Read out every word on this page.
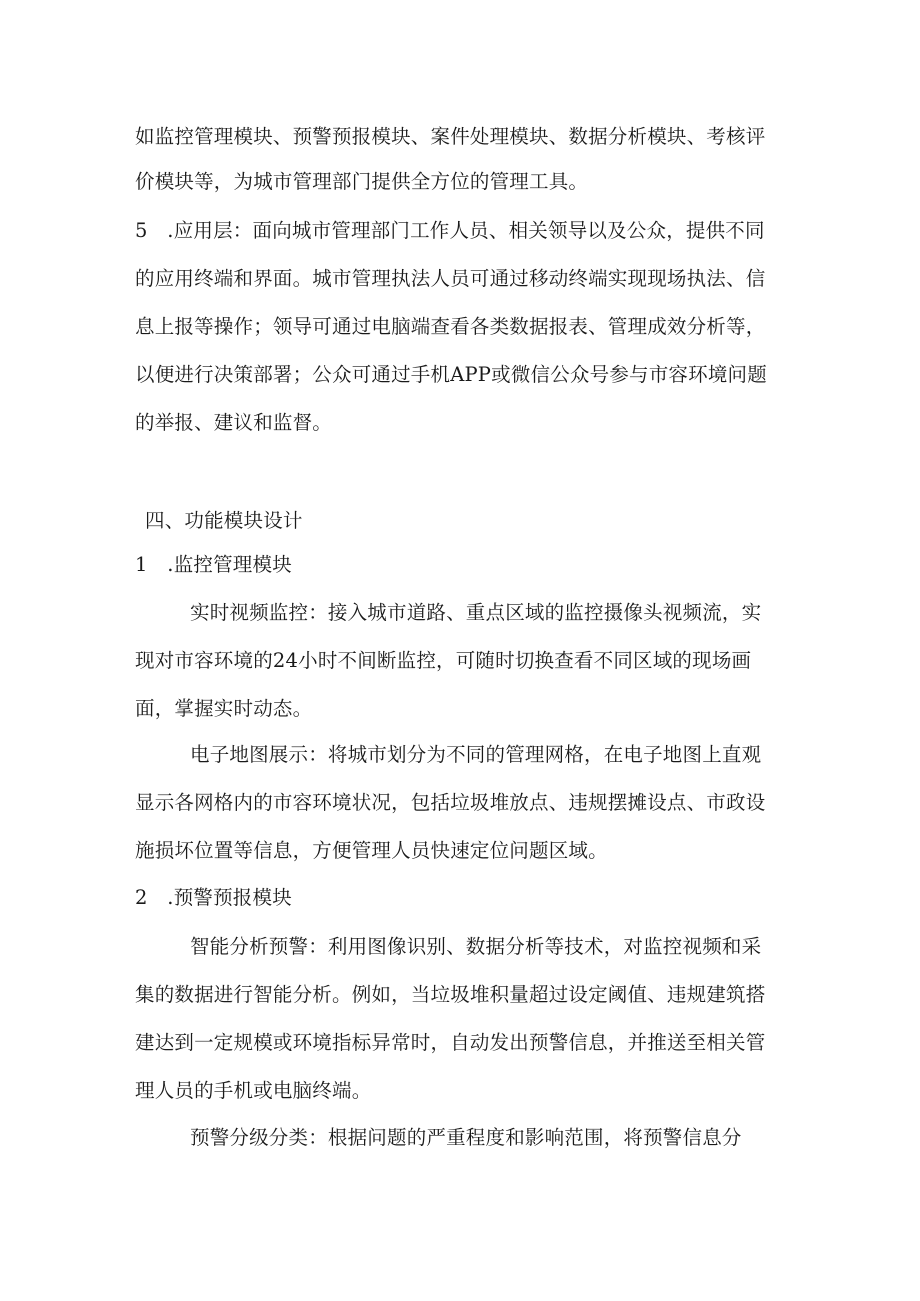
如监控管理模块、预警预报模块、案件处理模块、数据分析模块、考核评
价模块等，为城市管理部门提供全方位的管理工具。
5　.应用层：面向城市管理部门工作人员、相关领导以及公众，提供不同
的应用终端和界面。城市管理执法人员可通过移动终端实现现场执法、信
息上报等操作；领导可通过电脑端查看各类数据报表、管理成效分析等，
以便进行决策部署；公众可通过手机APP或微信公众号参与市容环境问题
的举报、建议和监督。
四、功能模块设计
1　.监控管理模块
实时视频监控：接入城市道路、重点区域的监控摄像头视频流，实
现对市容环境的24小时不间断监控，可随时切换查看不同区域的现场画
面，掌握实时动态。
电子地图展示：将城市划分为不同的管理网格，在电子地图上直观
显示各网格内的市容环境状况，包括垃圾堆放点、违规摆摊设点、市政设
施损坏位置等信息，方便管理人员快速定位问题区域。
2　.预警预报模块
智能分析预警：利用图像识别、数据分析等技术，对监控视频和采
集的数据进行智能分析。例如，当垃圾堆积量超过设定阈值、违规建筑搭
建达到一定规模或环境指标异常时，自动发出预警信息，并推送至相关管
理人员的手机或电脑终端。
预警分级分类：根据问题的严重程度和影响范围，将预警信息分
